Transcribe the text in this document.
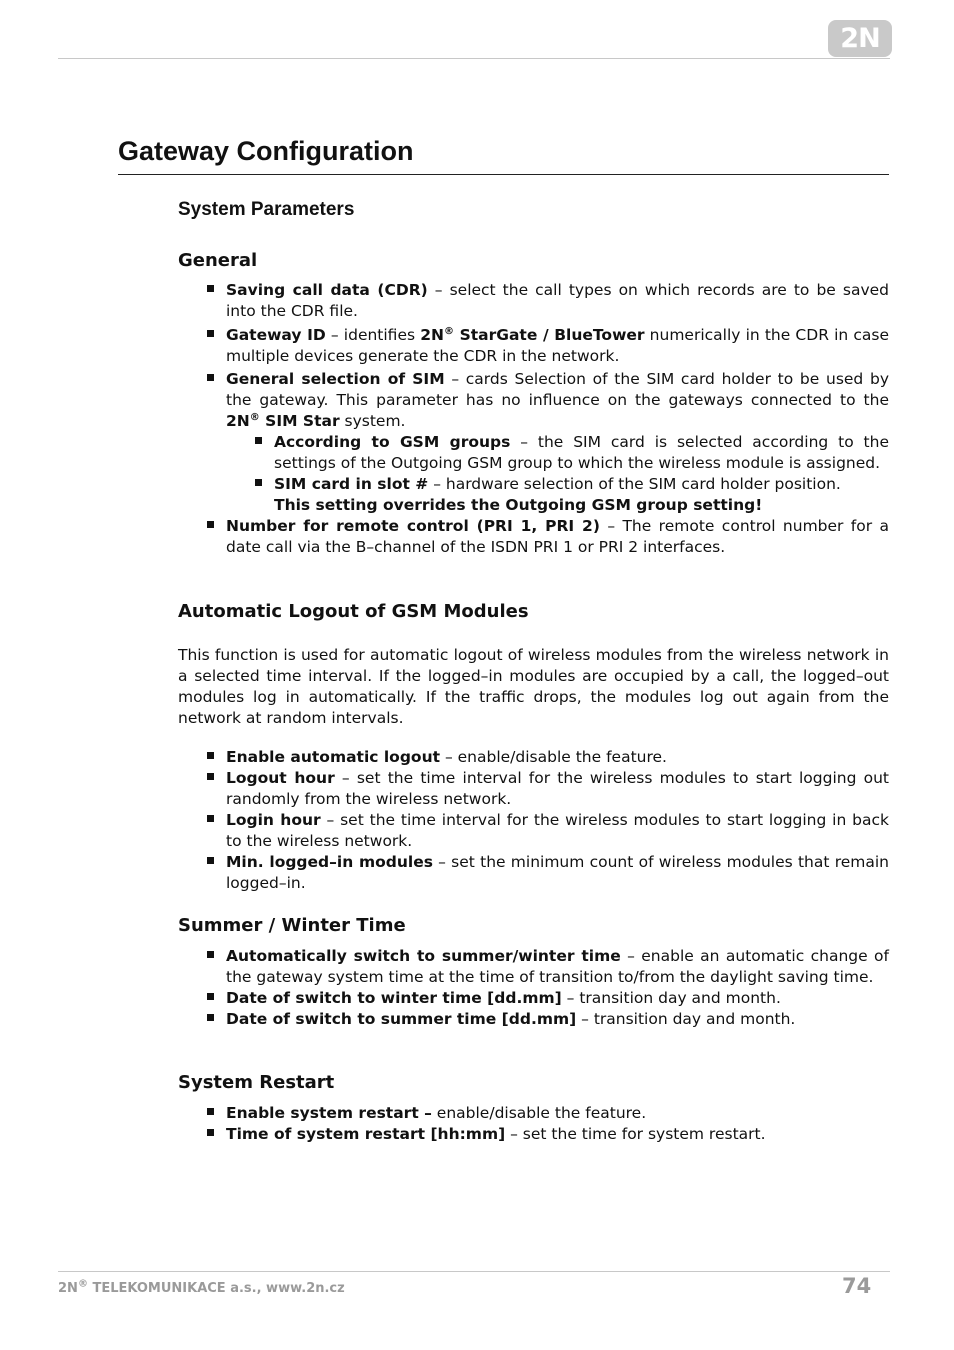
2N
Gateway Configuration
System Parameters
General
Saving call data (CDR) – select the call types on which records are to be saved into the CDR file.
Gateway ID – identifies 2N® StarGate / BlueTower numerically in the CDR in case multiple devices generate the CDR in the network.
General selection of SIM – cards Selection of the SIM card holder to be used by the gateway. This parameter has no influence on the gateways connected to the 2N® SIM Star system.
According to GSM groups – the SIM card is selected according to the settings of the Outgoing GSM group to which the wireless module is assigned.
SIM card in slot # – hardware selection of the SIM card holder position.
This setting overrides the Outgoing GSM group setting!
Number for remote control (PRI 1, PRI 2) – The remote control number for a date call via the B–channel of the ISDN PRI 1 or PRI 2 interfaces.
Automatic Logout of GSM Modules

This function is used for automatic logout of wireless modules from the wireless network in a selected time interval. If the logged–in modules are occupied by a call, the logged–out modules log in automatically. If the traffic drops, the modules log out again from the network at random intervals.

Enable automatic logout – enable/disable the feature.
Logout hour – set the time interval for the wireless modules to start logging out randomly from the wireless network.
Login hour – set the time interval for the wireless modules to start logging in back to the wireless network.
Min. logged–in modules – set the minimum count of wireless modules that remain logged–in.
Summer / Winter Time
Automatically switch to summer/winter time – enable an automatic change of the gateway system time at the time of transition to/from the daylight saving time.
Date of switch to winter time [dd.mm] – transition day and month.
Date of switch to summer time [dd.mm] – transition day and month.
System Restart
Enable system restart – enable/disable the feature.
Time of system restart [hh:mm] – set the time for system restart.
2N® TELEKOMUNIKACE a.s., www.2n.cz	74
